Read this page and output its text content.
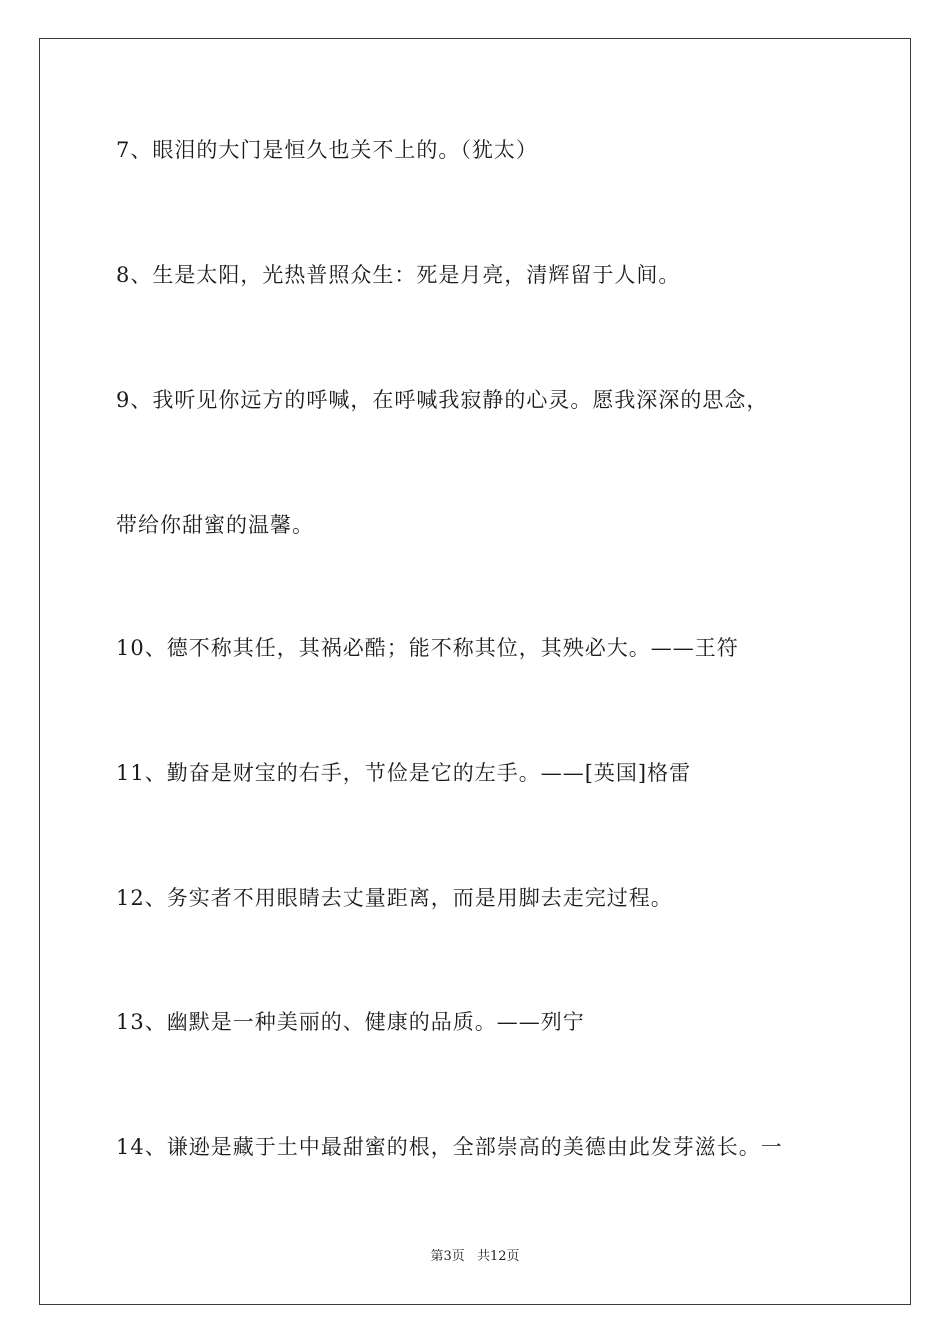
7、眼泪的大门是恒久也关不上的。（犹太）
8、生是太阳，光热普照众生：死是月亮，清辉留于人间。
9、我听见你远方的呼喊，在呼喊我寂静的心灵。愿我深深的思念，
带给你甜蜜的温馨。
10、德不称其任，其祸必酷；能不称其位，其殃必大。——王符
11、勤奋是财宝的右手，节俭是它的左手。——[英国]格雷
12、务实者不用眼睛去丈量距离，而是用脚去走完过程。
13、幽默是一种美丽的、健康的品质。——列宁
14、谦逊是藏于土中最甜蜜的根，全部崇高的美德由此发芽滋长。一
第3页 共12页
